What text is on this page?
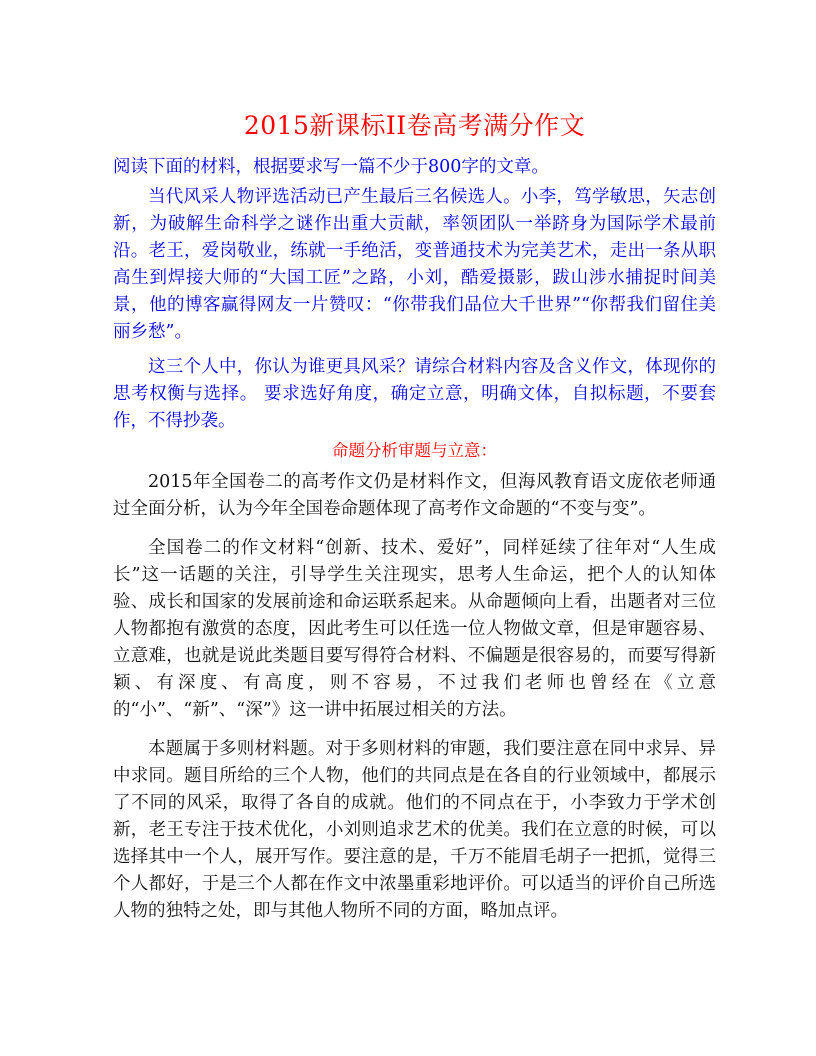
2015新课标II卷高考满分作文

阅读下面的材料，根据要求写一篇不少于800字的文章。

当代风采人物评选活动已产生最后三名候选人。小李，笃学敏思，矢志创新，为破解生命科学之谜作出重大贡献，率领团队一举跻身为国际学术最前沿。老王，爱岗敬业，练就一手绝活，变普通技术为完美艺术，走出一条从职高生到焊接大师的“大国工匠”之路，小刘，酷爱摄影，跋山涉水捕捉时间美景，他的博客赢得网友一片赞叹：“你带我们品位大千世界”“你帮我们留住美丽乡愁”。

这三个人中，你认为谁更具风采？请综合材料内容及含义作文，体现你的思考权衡与选择。 要求选好角度，确定立意，明确文体，自拟标题，不要套作，不得抄袭。

命题分析审题与立意：

2015年全国卷二的高考作文仍是材料作文，但海风教育语文庞依老师通过全面分析，认为今年全国卷命题体现了高考作文命题的“不变与变”。

全国卷二的作文材料“创新、技术、爱好”，同样延续了往年对“人生成长”这一话题的关注，引导学生关注现实，思考人生命运，把个人的认知体验、成长和国家的发展前途和命运联系起来。从命题倾向上看，出题者对三位人物都抱有激赏的态度，因此考生可以任选一位人物做文章，但是审题容易、立意难，也就是说此类题目要写得符合材料、不偏题是很容易的，而要写得新颖、有深度、有高度，则不容易，不过我们老师也曾经在《立意的“小”、“新”、“深”》这一讲中拓展过相关的方法。

本题属于多则材料题。对于多则材料的审题，我们要注意在同中求异、异中求同。题目所给的三个人物，他们的共同点是在各自的行业领域中，都展示了不同的风采，取得了各自的成就。他们的不同点在于，小李致力于学术创新，老王专注于技术优化，小刘则追求艺术的优美。我们在立意的时候，可以选择其中一个人，展开写作。要注意的是，千万不能眉毛胡子一把抓，觉得三个人都好，于是三个人都在作文中浓墨重彩地评价。可以适当的评价自己所选人物的独特之处，即与其他人物所不同的方面，略加点评。
